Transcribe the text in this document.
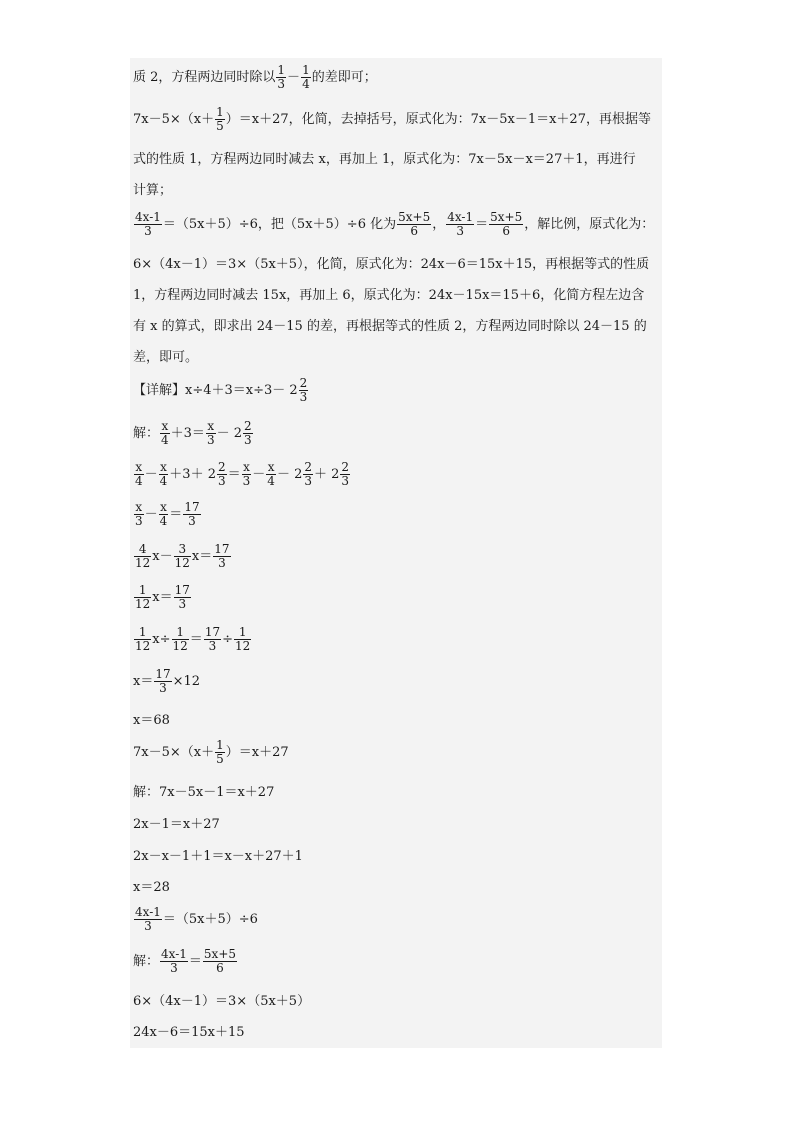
质 2，方程两边同时除以 $\frac{1}{3} - \frac{1}{4}$ 的差即可；
$7x-5\times(x+ \frac{1}{5} )=x+27$，化简，去掉括号，原式化为：7x－5x－1＝x＋27，再根据等
式的性质 1，方程两边同时减去 x，再加上 1，原式化为：7x－5x－x＝27＋1，再进行
计算；
$\frac{4x-1}{3} =(5x+5)\div 6$，把（5x＋5）÷6 化为 $\frac{5x+5}{6}$ ， $\frac{4x-1}{3} = \frac{5x+5}{6}$ ，解比例，原式化为：
6×（4x－1）＝3×（5x＋5），化简，原式化为：24x－6＝15x＋15，再根据等式的性质
1，方程两边同时减去 15x，再加上 6，原式化为：24x－15x＝15＋6，化简方程左边含
有 x 的算式，即求出 24－15 的差，再根据等式的性质 2，方程两边同时除以 24－15 的
差，即可。
【详解】$x\div 4+3=x\div 3- 2 \frac{2}{3}$
解： $\frac{x}{4} +3= \frac{x}{3} - 2 \frac{2}{3}$
$\frac{x}{4} - \frac{x}{4} +3+ 2 \frac{2}{3} = \frac{x}{3} - \frac{x}{4} - 2 \frac{2}{3} + 2 \frac{2}{3}$
$\frac{x}{3} - \frac{x}{4} = \frac{17}{3}$
$\frac{4}{12} x- \frac{3}{12} x= \frac{17}{3}$
$\frac{1}{12} x= \frac{17}{3}$
$\frac{1}{12} x\div \frac{1}{12} = \frac{17}{3} \div \frac{1}{12}$
$x= \frac{17}{3} \times 12$
x＝68
$7x-5\times(x+ \frac{1}{5} )=x+27$
解：7x－5x－1＝x＋27
2x－1＝x＋27
2x－x－1＋1＝x－x＋27＋1
x＝28
$\frac{4x-1}{3} =(5x+5)\div 6$
解： $\frac{4x-1}{3} = \frac{5x+5}{6}$
6×（4x－1）＝3×（5x＋5）
24x－6＝15x＋15
